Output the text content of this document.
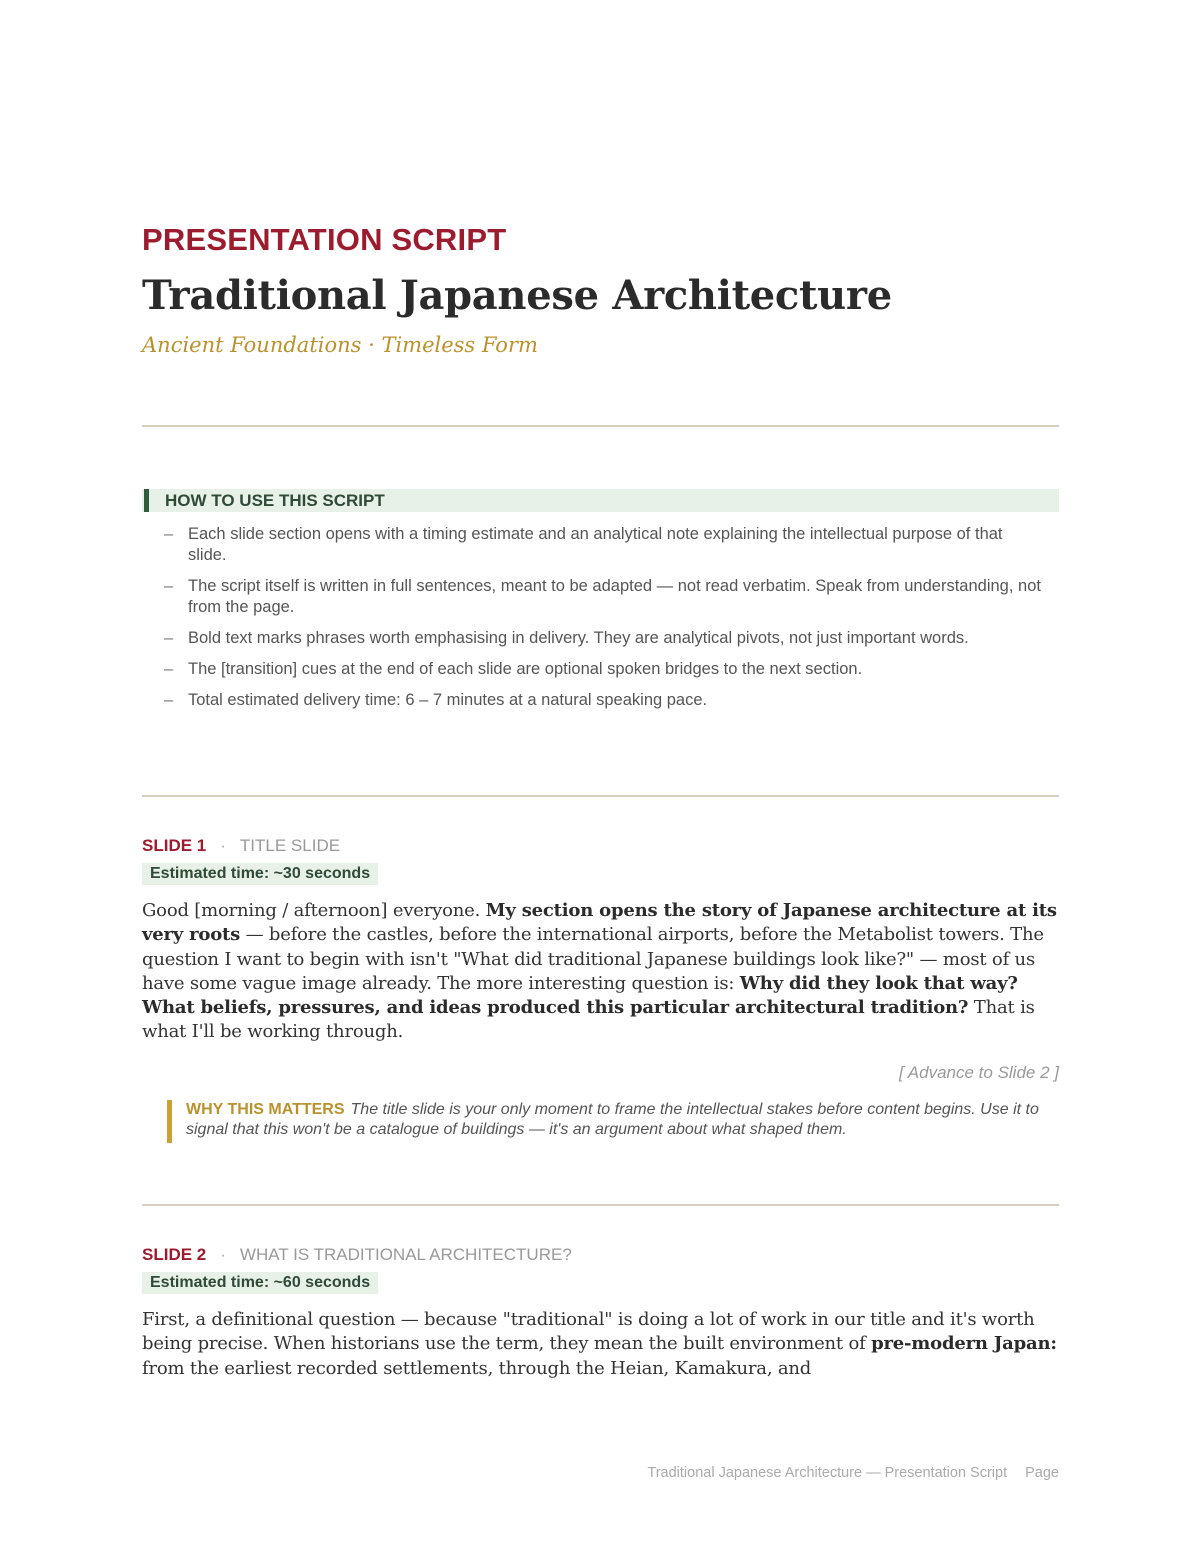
PRESENTATION SCRIPT

Traditional Japanese Architecture

Ancient Foundations · Timeless Form

HOW TO USE THIS SCRIPT
– Each slide section opens with a timing estimate and an analytical note explaining the intellectual purpose of that slide.
– The script itself is written in full sentences, meant to be adapted — not read verbatim. Speak from understanding, not from the page.
– Bold text marks phrases worth emphasising in delivery. They are analytical pivots, not just important words.
– The [transition] cues at the end of each slide are optional spoken bridges to the next section.
– Total estimated delivery time: 6 – 7 minutes at a natural speaking pace.
SLIDE 1 · TITLE SLIDE
Estimated time: ~30 seconds

Good [morning / afternoon] everyone. My section opens the story of Japanese architecture at its very roots — before the castles, before the international airports, before the Metabolist towers. The question I want to begin with isn't "What did traditional Japanese buildings look like?" — most of us have some vague image already. The more interesting question is: Why did they look that way? What beliefs, pressures, and ideas produced this particular architectural tradition? That is what I'll be working through.

[ Advance to Slide 2 ]
WHY THIS MATTERS The title slide is your only moment to frame the intellectual stakes before content begins. Use it to signal that this won't be a catalogue of buildings — it's an argument about what shaped them.
SLIDE 2 · WHAT IS TRADITIONAL ARCHITECTURE?
Estimated time: ~60 seconds

First, a definitional question — because "traditional" is doing a lot of work in our title and it's worth being precise. When historians use the term, they mean the built environment of pre-modern Japan: from the earliest recorded settlements, through the Heian, Kamakura, and

Traditional Japanese Architecture — Presentation Script Page
